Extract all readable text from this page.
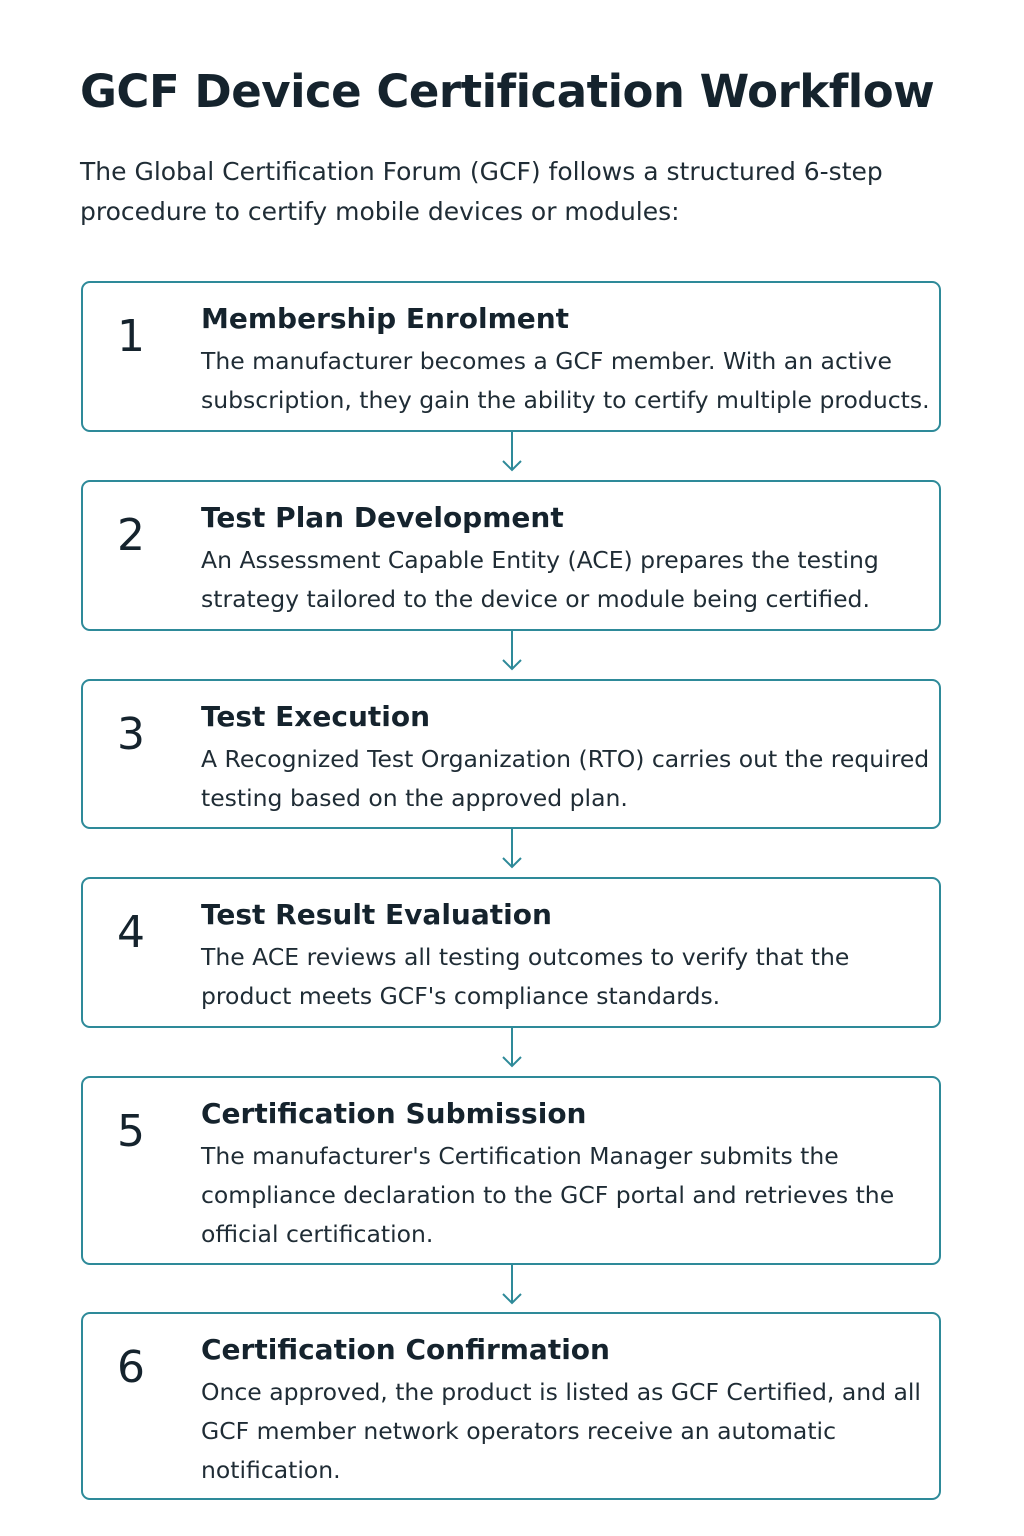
GCF Device Certification Workflow

The Global Certification Forum (GCF) follows a structured 6-step procedure to certify mobile devices or modules:

1 Membership Enrolment
The manufacturer becomes a GCF member. With an active subscription, they gain the ability to certify multiple products.
2 Test Plan Development
An Assessment Capable Entity (ACE) prepares the testing strategy tailored to the device or module being certified.
3 Test Execution
A Recognized Test Organization (RTO) carries out the required testing based on the approved plan.
4 Test Result Evaluation
The ACE reviews all testing outcomes to verify that the product meets GCF's compliance standards.
5 Certification Submission
The manufacturer's Certification Manager submits the compliance declaration to the GCF portal and retrieves the official certification.
6 Certification Confirmation
Once approved, the product is listed as GCF Certified, and all GCF member network operators receive an automatic notification.
